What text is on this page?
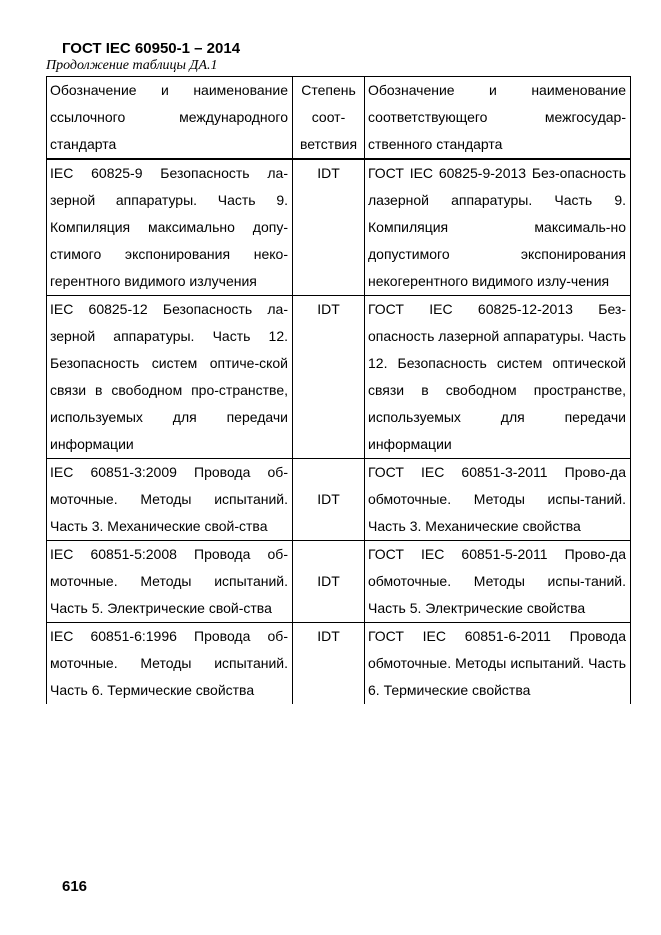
ГОСТ IEC 60950-1 – 2014
Продолжение таблицы ДА.1
Обозначение и наименование ссылочного международного стандарта	Степень соот-ветствия	Обозначение и наименование соответствующего межгосудар-ственного стандарта
IEC 60825-9 Безопасность ла-зерной аппаратуры. Часть 9. Компиляция максимально допу-стимого экспонирования неко-герентного видимого излучения	IDT	ГОСТ IEC 60825-9-2013 Без-опасность лазерной аппаратуры. Часть 9. Компиляция максималь-но допустимого экспонирования некогерентного видимого излу-чения
IEC 60825-12 Безопасность ла-зерной аппаратуры. Часть 12. Безопасность систем оптиче-ской связи в свободном про-странстве, используемых для передачи информации	IDT	ГОСТ IEC 60825-12-2013 Без-опасность лазерной аппаратуры. Часть 12. Безопасность систем оптической связи в свободном пространстве, используемых для передачи информации
IEC 60851-3:2009 Провода об-моточные. Методы испытаний. Часть 3. Механические свой-ства	IDT	ГОСТ IEC 60851-3-2011 Прово-да обмоточные. Методы испы-таний. Часть 3. Механические свойства
IEC 60851-5:2008 Провода об-моточные. Методы испытаний. Часть 5. Электрические свой-ства	IDT	ГОСТ IEC 60851-5-2011 Прово-да обмоточные. Методы испы-таний. Часть 5. Электрические свойства
IEC 60851-6:1996 Провода об-моточные. Методы испытаний. Часть 6. Термические свойства	IDT	ГОСТ IEC 60851-6-2011 Провода обмоточные. Методы испытаний. Часть 6. Термические свойства
616
